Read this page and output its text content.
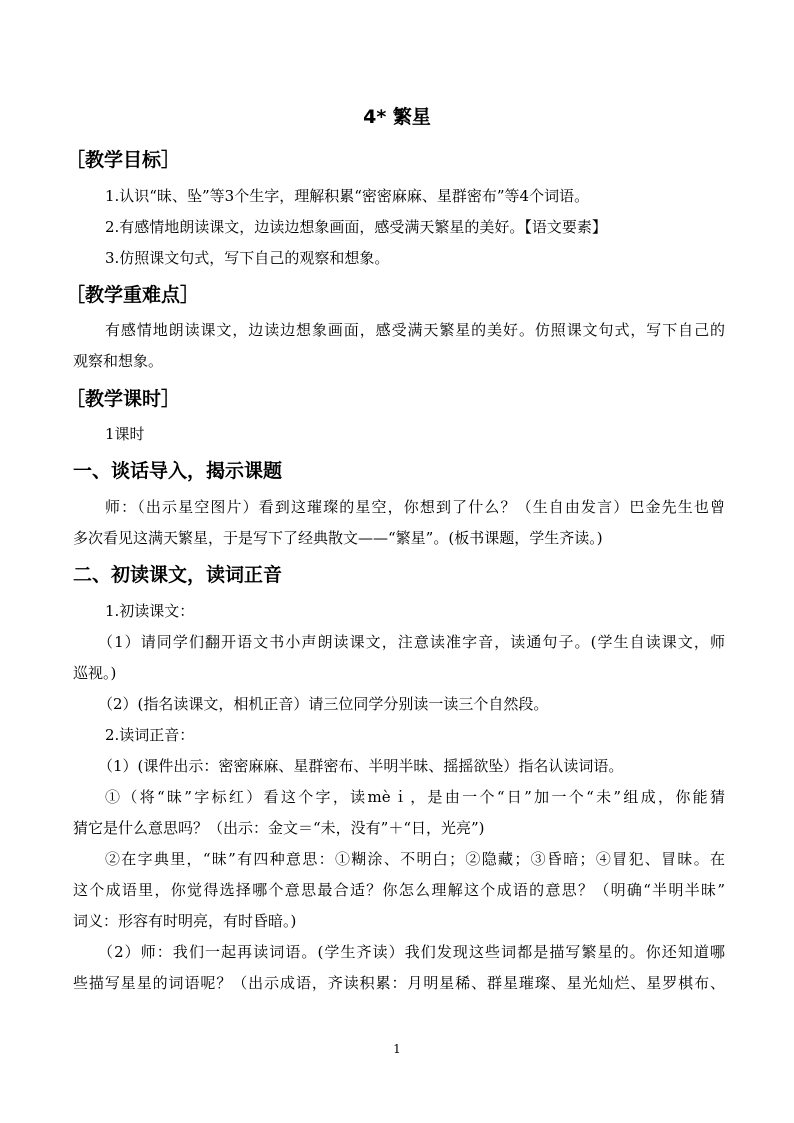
4* 繁星
［教学目标］
1.认识“昧、坠”等3个生字，理解积累“密密麻麻、星群密布”等4个词语。
2.有感情地朗读课文，边读边想象画面，感受满天繁星的美好。【语文要素】
3.仿照课文句式，写下自己的观察和想象。
［教学重难点］
有感情地朗读课文，边读边想象画面，感受满天繁星的美好。仿照课文句式，写下自己的
观察和想象。
［教学课时］
1课时
一、谈话导入，揭示课题
师：（出示星空图片）看到这璀璨的星空，你想到了什么？（生自由发言）巴金先生也曾
多次看见这满天繁星，于是写下了经典散文——“繁星”。(板书课题，学生齐读。)
二、初读课文，读词正音
1.初读课文：
（1）请同学们翻开语文书小声朗读课文，注意读准字音，读通句子。(学生自读课文，师
巡视。)
（2）(指名读课文，相机正音）请三位同学分别读一读三个自然段。
2.读词正音：
（1）(课件出示：密密麻麻、星群密布、半明半昧、摇摇欲坠）指名认读词语。
①（将“昧”字标红）看这个字，读mèｉ，是由一个“日”加一个“未”组成，你能猜
猜它是什么意思吗？（出示：金文＝“未，没有”＋“日，光亮”)
②在字典里，“昧”有四种意思：①糊涂、不明白；②隐藏；③昏暗；④冒犯、冒昧。在
这个成语里，你觉得选择哪个意思最合适？你怎么理解这个成语的意思？（明确“半明半昧”
词义：形容有时明亮，有时昏暗。)
（2）师：我们一起再读词语。(学生齐读）我们发现这些词都是描写繁星的。你还知道哪
些描写星星的词语呢？（出示成语，齐读积累：月明星稀、群星璀璨、星光灿烂、星罗棋布、
1
